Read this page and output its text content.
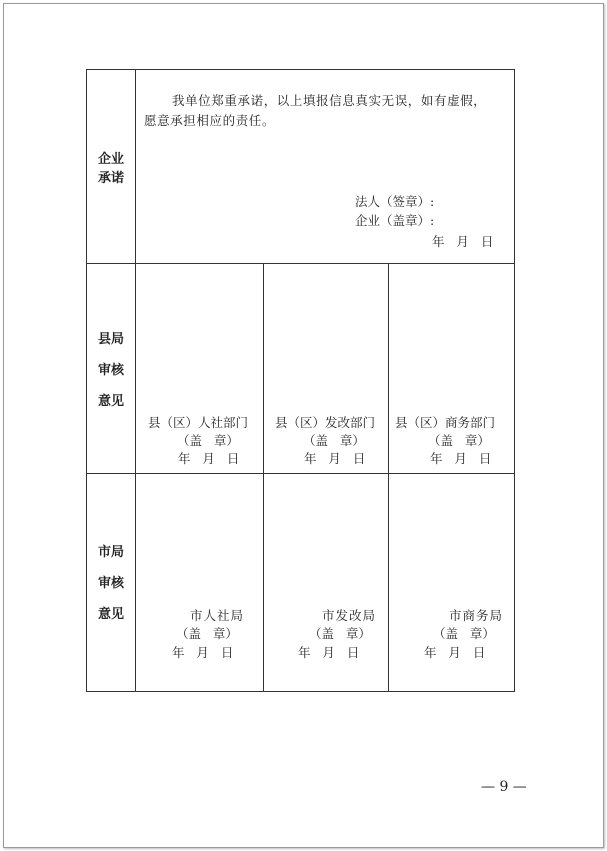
企业
承诺
我单位郑重承诺，以上填报信息真实无误，如有虚假，
愿意承担相应的责任。
法人（签章）:
企业（盖章）:
年   月   日
县局
审核
意见
县（区）人社部门
（盖   章）
年   月   日
县（区）发改部门
（盖   章）
年   月   日
县（区）商务部门
（盖   章）
年   月   日
市局
审核
意见	市人社局
（盖   章）
年   月   日
市发改局
（盖   章）
年   月   日
市商务局
（盖   章）
年   月   日
— 9 —
